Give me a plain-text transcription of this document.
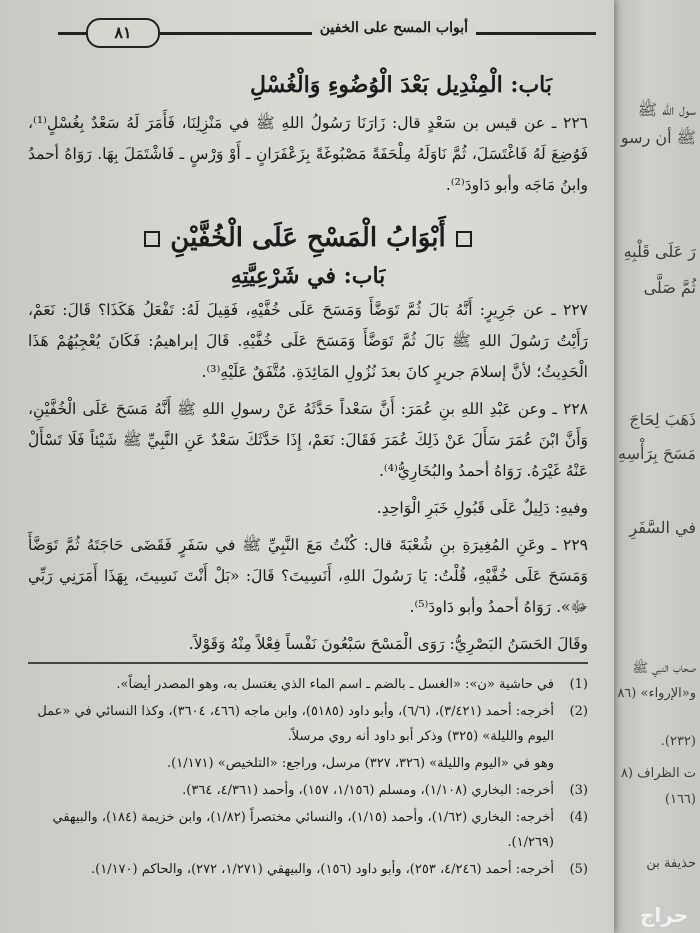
سول الله ﷺ
ﷺ أن رسو
رَ عَلَى قَلْبِهِ
ثُمَّ صَلَّى
ذَهَبَ لِحَاجَ
مَسَحَ بِرَأْسِهِ
في السَّفَرِ
صحاب النبي ﷺ
و«الإرواء» (٨٦
(٢٣٢).
ت الظراف (٨
(١٦٦)
حذيفة بن
أبواب المسح على الخفين
٨١
بَاب: الْمِنْدِيل بَعْدَ الْوُضُوءِ وَالْغُسْلِ

٢٢٦ ـ عن قيس بن سَعْدٍ قال: زَارَنَا رَسُولُ اللهِ ﷺ في مَنْزِلِنَا، فَأَمَرَ لَهُ سَعْدٌ بِغُسْلٍ⁽¹⁾، فَوُضِعَ لَهُ فَاغْتَسَلَ، ثُمَّ نَاوَلَهُ مِلْحَفَةً مَصْبُوغَةً بِزَعْفَرَانٍ ـ أَوْ وَرْسٍ ـ فَاشْتَمَلَ بِهَا. رَوَاهُ أحمدُ وابنُ مَاجَه وأبو دَاودَ⁽²⁾.

أَبْوَابُ الْمَسْحِ عَلَى الْخُفَّيْنِ
بَاب: في شَرْعِيَّتِهِ

٢٢٧ ـ عن جَرِيرٍ: أَنَّهُ بَالَ ثُمَّ تَوَضَّأَ وَمَسَحَ عَلَى خُفَّيْهِ، فَقِيلَ لَهُ: تَفْعَلُ هَكَذَا؟ قَالَ: نَعَمْ، رَأَيْتُ رَسُولَ اللهِ ﷺ بَالَ ثُمَّ تَوَضَّأَ وَمَسَحَ عَلَى خُفَّيْهِ. قَالَ إبراهيمُ: فَكَانَ يُعْجِبُهُمْ هَذَا الْحَدِيثُ؛ لأنَّ إسلامَ جريرٍ كانَ بعدَ نُزُولِ المَائِدَةِ. مُتَّفَقٌ عَلَيْهِ⁽³⁾.

٢٢٨ ـ وعن عَبْدِ اللهِ بنِ عُمَرَ: أَنَّ سَعْداً حَدَّثَهُ عَنْ رسولِ اللهِ ﷺ أَنَّهُ مَسَحَ عَلَى الْخُفَّيْنِ، وَأَنَّ ابْنَ عُمَرَ سَأَلَ عَنْ ذَلِكَ عُمَرَ فَقَالَ: نَعَمْ، إِذَا حَدَّثَكَ سَعْدٌ عَنِ النَّبِيِّ ﷺ شَيْئاً فَلَا تَسْأَلْ عَنْهُ غَيْرَهُ. رَوَاهُ أحمدُ والبُخَارِيُّ⁽⁴⁾.

وفيهِ: دَلِيلٌ عَلَى قَبُولِ خَبَرِ الْوَاحِدِ.

٢٢٩ ـ وعَنِ المُغِيرَةِ بنِ شُعْبَةَ قال: كُنْتُ مَعَ النَّبِيِّ ﷺ في سَفَرٍ فَقَضَى حَاجَتَهُ ثُمَّ تَوَضَّأَ وَمَسَحَ عَلَى خُفَّيْهِ، قُلْتُ: يَا رَسُولَ اللهِ، أَنَسِيتَ؟ قَالَ: «بَلْ أَنْتَ نَسِيتَ، بِهَذَا أَمَرَنِي رَبِّي ﷻ». رَوَاهُ أحمدُ وأبو دَاودَ⁽⁵⁾.

وقَالَ الحَسَنُ البَصْرِيُّ: رَوَى الْمَسْحَ سَبْعُونَ نَفْساً فِعْلاً مِنْهُ وَقَوْلاً.

(1)
في حاشية «ن»: «الغسل ـ بالضم ـ اسم الماء الذي يغتسل به، وهو المصدر أيضاً».
(2)
أخرجه: أحمد (٣/٤٢١)، (٦/٦)، وأبو داود (٥١٨٥)، وابن ماجه (٤٦٦، ٣٦٠٤)، وكذا النسائي في «عمل اليوم والليلة» (٣٢٥) وذكر أبو داود أنه روي مرسلاً.
وهو في «اليوم والليلة» (٣٢٦، ٣٢٧) مرسل، وراجع: «التلخيص» (١/١٧١).
(3)
أخرجه: البخاري (١/١٠٨)، ومسلم (١/١٥٦، ١٥٧)، وأحمد (٤/٣٦١، ٣٦٤).
(4)
أخرجه: البخاري (١/٦٢)، وأحمد (١/١٥)، والنسائي مختصراً (١/٨٢)، وابن خزيمة (١٨٤)، والبيهقي (١/٢٦٩).
(5)
أخرجه: أحمد (٤/٢٤٦، ٢٥٣)، وأبو داود (١٥٦)، والبيهقي (١/٢٧١، ٢٧٢)، والحاكم (١/١٧٠).
حراج
